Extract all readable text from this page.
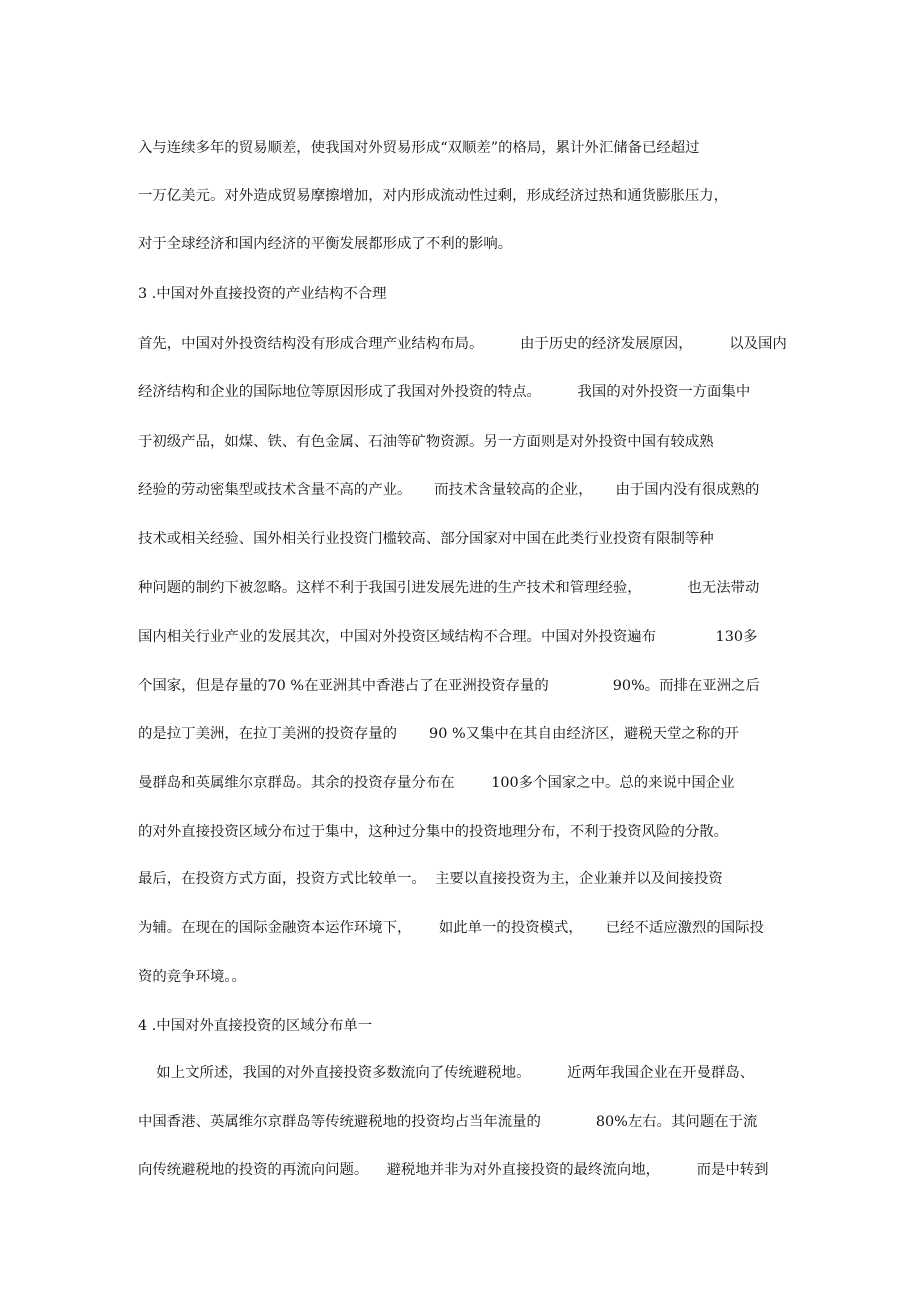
入与连续多年的贸易顺差，使我国对外贸易形成“双顺差”的格局，累计外汇储备已经超过

一万亿美元。对外造成贸易摩擦增加，对内形成流动性过剩，形成经济过热和通货膨胀压力，

对于全球经济和国内经济的平衡发展都形成了不利的影响。

3 .中国对外直接投资的产业结构不合理

首先，中国对外投资结构没有形成合理产业结构布局。        由于历史的经济发展原因，        以及国内

经济结构和企业的国际地位等原因形成了我国对外投资的特点。        我国的对外投资一方面集中

于初级产品，如煤、铁、有色金属、石油等矿物资源。另一方面则是对外投资中国有较成熟

经验的劳动密集型或技术含量不高的产业。     而技术含量较高的企业，     由于国内没有很成熟的

技术或相关经验、国外相关行业投资门槛较高、部分国家对中国在此类行业投资有限制等种

种问题的制约下被忽略。这样不利于我国引进发展先进的生产技术和管理经验，          也无法带动

国内相关行业产业的发展其次，中国对外投资区域结构不合理。中国对外投资遍布             130多

个国家，但是存量的70 %在亚洲其中香港占了在亚洲投资存量的              90%。而排在亚洲之后

的是拉丁美洲，在拉丁美洲的投资存量的       90 %又集中在其自由经济区，避税天堂之称的开

曼群岛和英属维尔京群岛。其余的投资存量分布在        100多个国家之中。总的来说中国企业

的对外直接投资区域分布过于集中，这种过分集中的投资地理分布，不利于投资风险的分散。

最后，在投资方式方面，投资方式比较单一。  主要以直接投资为主，企业兼并以及间接投资

为辅。在现在的国际金融资本运作环境下，      如此单一的投资模式，     已经不适应激烈的国际投

资的竞争环境。。

4 .中国对外直接投资的区域分布单一

如上文所述，我国的对外直接投资多数流向了传统避税地。        近两年我国企业在开曼群岛、

中国香港、英属维尔京群岛等传统避税地的投资均占当年流量的            80%左右。其问题在于流

向传统避税地的投资的再流向问题。    避税地并非为对外直接投资的最终流向地，        而是中转到
